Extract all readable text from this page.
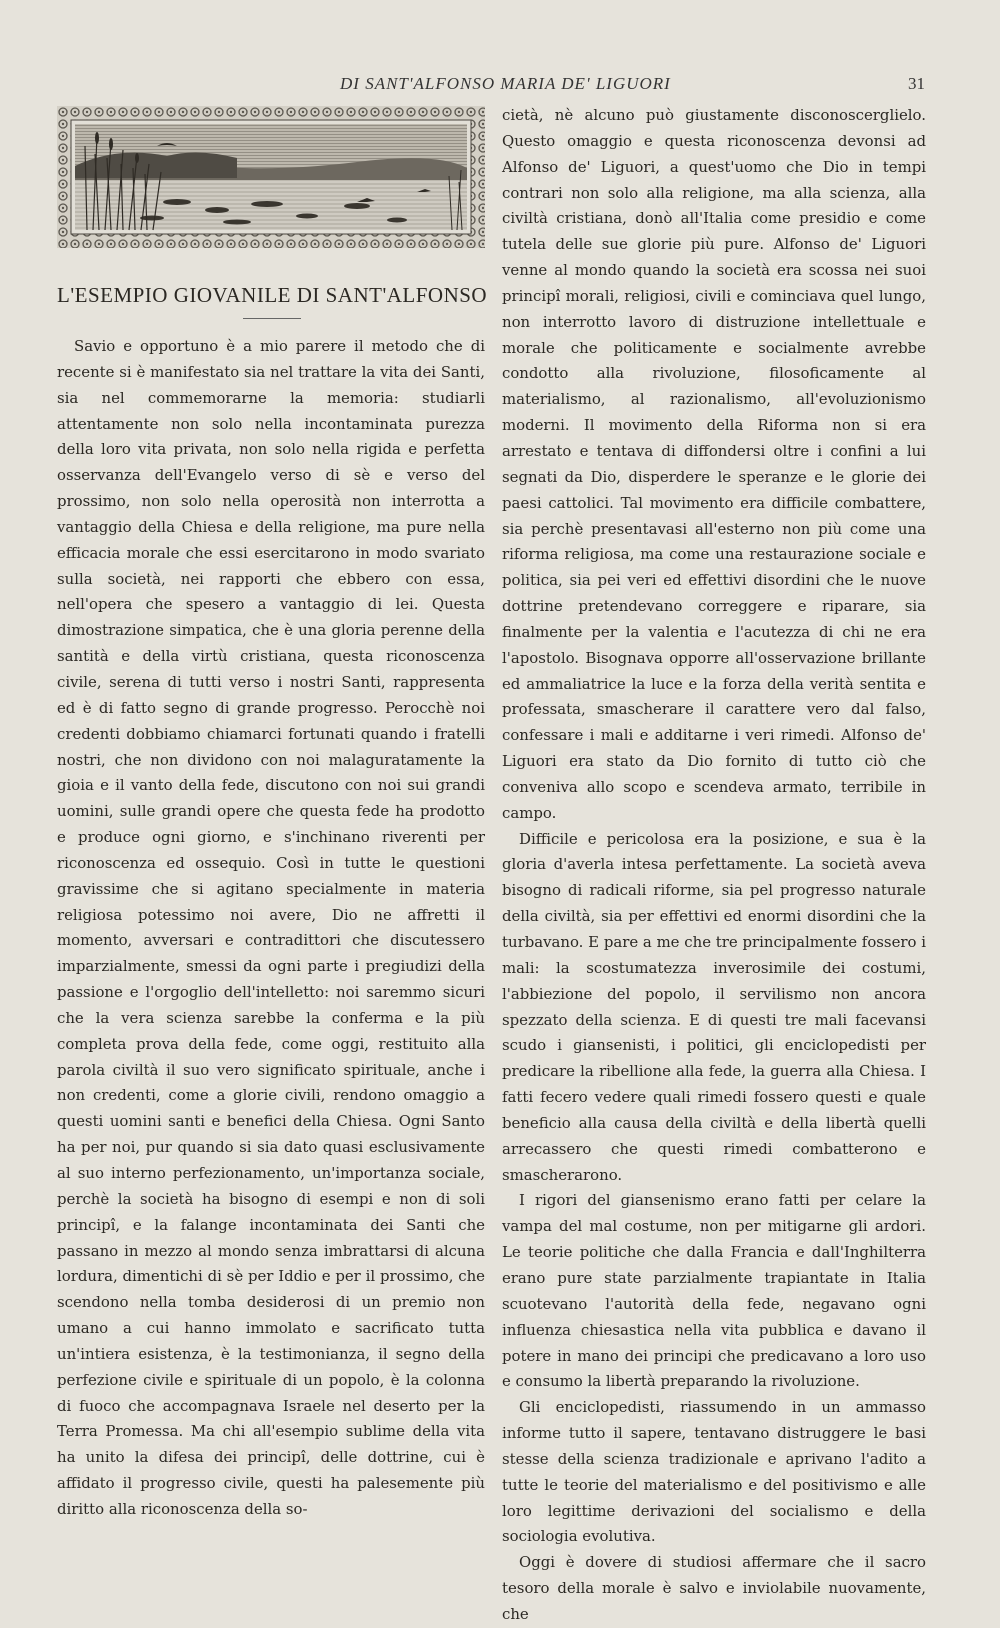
DI SANT'ALFONSO MARIA DE' LIGUORI	31
L'ESEMPIO GIOVANILE DI SANT'ALFONSO

Savio e opportuno è a mio parere il metodo che di recente si è manifestato sia nel trattare la vita dei Santi, sia nel commemorarne la memoria: studiarli attentamente non solo nella incontaminata purezza della loro vita privata, non solo nella rigida e perfetta osservanza dell'Evangelo verso di sè e verso del prossimo, non solo nella operosità non interrotta a vantaggio della Chiesa e della religione, ma pure nella efficacia morale che essi esercitarono in modo svariato sulla società, nei rapporti che ebbero con essa, nell'opera che spesero a vantaggio di lei. Questa dimostrazione simpatica, che è una gloria perenne della santità e della virtù cristiana, questa riconoscenza civile, serena di tutti verso i nostri Santi, rappresenta ed è di fatto segno di grande progresso. Perocchè noi credenti dobbiamo chiamarci fortunati quando i fratelli nostri, che non dividono con noi malaguratamente la gioia e il vanto della fede, discutono con noi sui grandi uomini, sulle grandi opere che questa fede ha prodotto e produce ogni giorno, e s'inchinano riverenti per riconoscenza ed ossequio. Così in tutte le questioni gravissime che si agitano specialmente in materia religiosa potessimo noi avere, Dio ne affretti il momento, avversari e contradittori che discutessero imparzialmente, smessi da ogni parte i pregiudizi della passione e l'orgoglio dell'intelletto: noi saremmo sicuri che la vera scienza sarebbe la conferma e la più completa prova della fede, come oggi, restituito alla parola civiltà il suo vero significato spirituale, anche i non credenti, come a glorie civili, rendono omaggio a questi uomini santi e benefici della Chiesa. Ogni Santo ha per noi, pur quando si sia dato quasi esclusivamente al suo interno perfezionamento, un'importanza sociale, perchè la società ha bisogno di esempi e non di soli principî, e la falange incontaminata dei Santi che passano in mezzo al mondo senza imbrattarsi di alcuna lordura, dimentichi di sè per Iddio e per il prossimo, che scendono nella tomba desiderosi di un premio non umano a cui hanno immolato e sacrificato tutta un'intiera esistenza, è la testimonianza, il segno della perfezione civile e spirituale di un popolo, è la colonna di fuoco che accompagnava Israele nel deserto per la Terra Promessa. Ma chi all'esempio sublime della vita ha unito la difesa dei principî, delle dottrine, cui è affidato il progresso civile, questi ha palesemente più diritto alla riconoscenza della so-

cietà, nè alcuno può giustamente disconoscerglielo. Questo omaggio e questa riconoscenza devonsi ad Alfonso de' Liguori, a quest'uomo che Dio in tempi contrari non solo alla religione, ma alla scienza, alla civiltà cristiana, donò all'Italia come presidio e come tutela delle sue glorie più pure. Alfonso de' Liguori venne al mondo quando la società era scossa nei suoi principî morali, religiosi, civili e cominciava quel lungo, non interrotto lavoro di distruzione intellettuale e morale che politicamente e socialmente avrebbe condotto alla rivoluzione, filosoficamente al materialismo, al razionalismo, all'evoluzionismo moderni. Il movimento della Riforma non si era arrestato e tentava di diffondersi oltre i confini a lui segnati da Dio, disperdere le speranze e le glorie dei paesi cattolici. Tal movimento era difficile combattere, sia perchè presentavasi all'esterno non più come una riforma religiosa, ma come una restaurazione sociale e politica, sia pei veri ed effettivi disordini che le nuove dottrine pretendevano correggere e riparare, sia finalmente per la valentia e l'acutezza di chi ne era l'apostolo. Bisognava opporre all'osservazione brillante ed ammaliatrice la luce e la forza della verità sentita e professata, smascherare il carattere vero dal falso, confessare i mali e additarne i veri rimedi. Alfonso de' Liguori era stato da Dio fornito di tutto ciò che conveniva allo scopo e scendeva armato, terribile in campo.

Difficile e pericolosa era la posizione, e sua è la gloria d'averla intesa perfettamente. La società aveva bisogno di radicali riforme, sia pel progresso naturale della civiltà, sia per effettivi ed enormi disordini che la turbavano. E pare a me che tre principalmente fossero i mali: la scostumatezza inverosimile dei costumi, l'abbiezione del popolo, il servilismo non ancora spezzato della scienza. E di questi tre mali facevansi scudo i giansenisti, i politici, gli enciclopedisti per predicare la ribellione alla fede, la guerra alla Chiesa. I fatti fecero vedere quali rimedi fossero questi e quale beneficio alla causa della civiltà e della libertà quelli arrecassero che questi rimedi combatterono e smascherarono.

I rigori del giansenismo erano fatti per celare la vampa del mal costume, non per mitigarne gli ardori. Le teorie politiche che dalla Francia e dall'Inghilterra erano pure state parzialmente trapiantate in Italia scuotevano l'autorità della fede, negavano ogni influenza chiesastica nella vita pubblica e davano il potere in mano dei principi che predicavano a loro uso e consumo la libertà preparando la rivoluzione.

Gli enciclopedisti, riassumendo in un ammasso informe tutto il sapere, tentavano distruggere le basi stesse della scienza tradizionale e aprivano l'adito a tutte le teorie del materialismo e del positivismo e alle loro legittime derivazioni del socialismo e della sociologia evolutiva.

Oggi è dovere di studiosi affermare che il sacro tesoro della morale è salvo e inviolabile nuovamente, che
